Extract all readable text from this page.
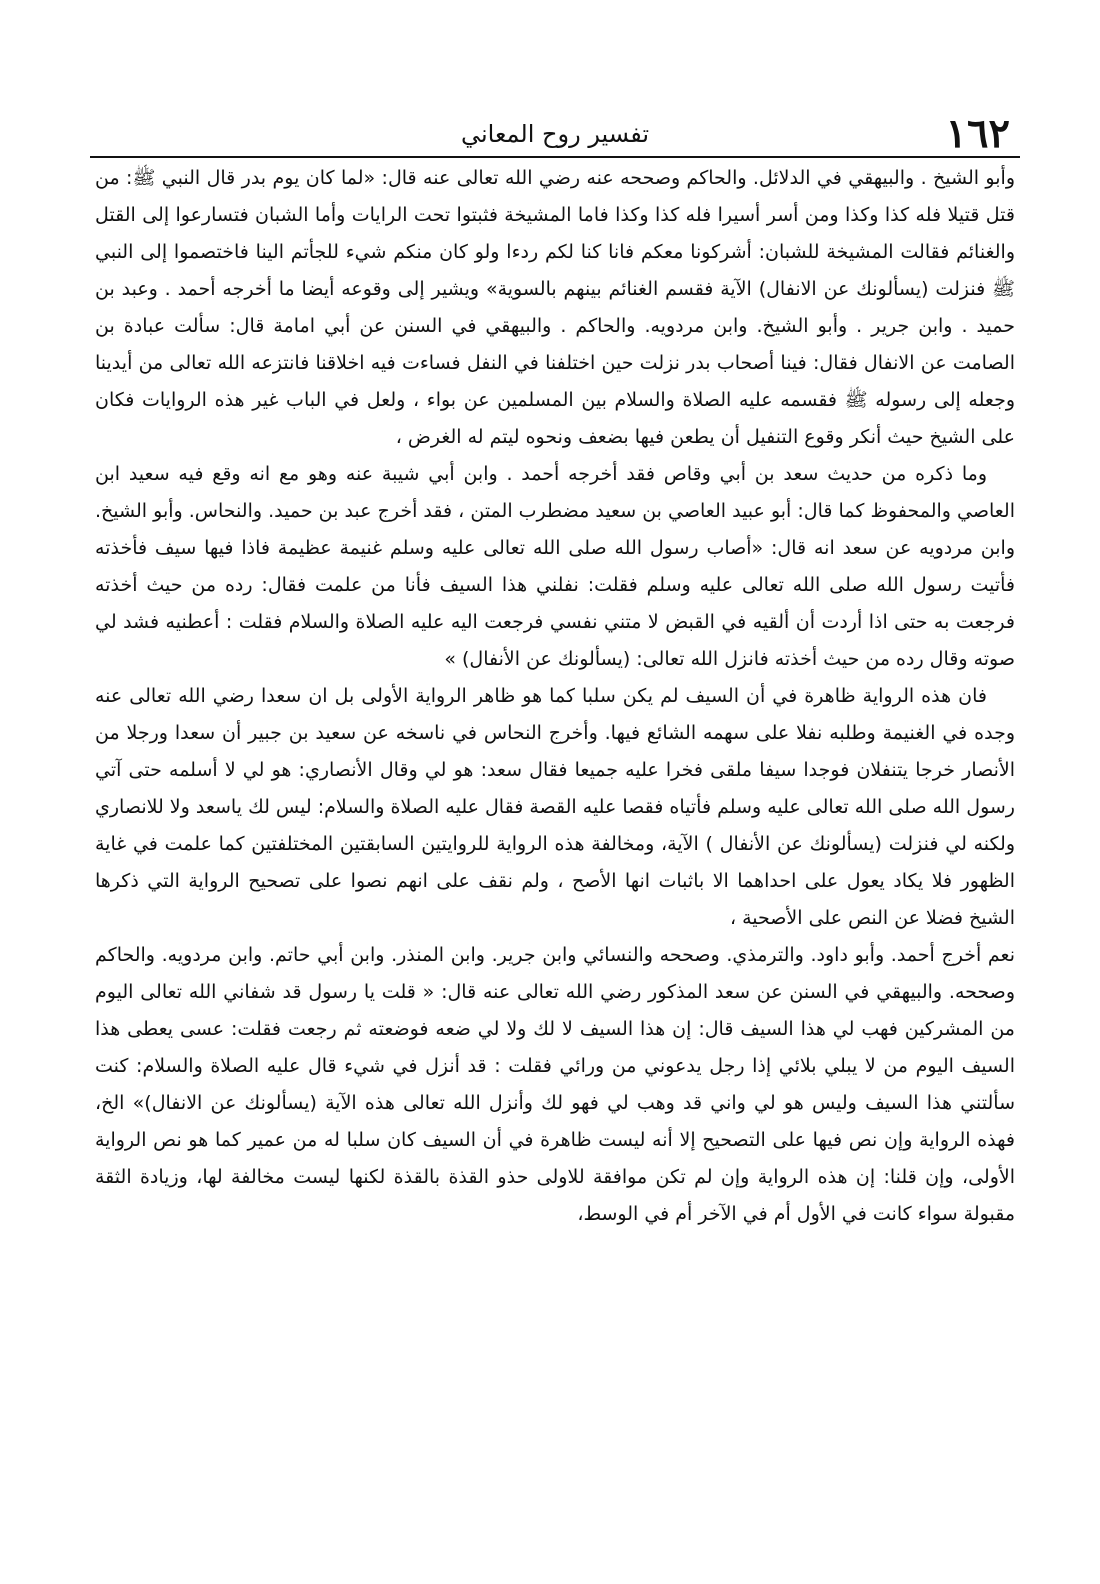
١٦٢
تفسير روح المعاني

وأبو الشيخ . والبيهقي في الدلائل. والحاكم وصححه عنه رضي الله تعالى عنه قال: «لما كان يوم بدر قال النبي ﷺ: من قتل قتيلا فله كذا وكذا ومن أسر أسيرا فله كذا وكذا فاما المشيخة فثبتوا تحت الرايات وأما الشبان فتسارعوا إلى القتل والغنائم فقالت المشيخة للشبان: أشركونا معكم فانا كنا لكم ردءا ولو كان منكم شيء للجأتم الينا فاختصموا إلى النبي ﷺ فنزلت (يسألونك عن الانفال) الآية فقسم الغنائم بينهم بالسوية» ويشير إلى وقوعه أيضا ما أخرجه أحمد . وعبد بن حميد . وابن جرير . وأبو الشيخ. وابن مردويه. والحاكم . والبيهقي في السنن عن أبي امامة قال: سألت عبادة بن الصامت عن الانفال فقال: فينا أصحاب بدر نزلت حين اختلفنا في النفل فساءت فيه اخلاقنا فانتزعه الله تعالى من أيدينا وجعله إلى رسوله ﷺ فقسمه عليه الصلاة والسلام بين المسلمين عن بواء ، ولعل في الباب غير هذه الروايات فكان على الشيخ حيث أنكر وقوع التنفيل أن يطعن فيها بضعف ونحوه ليتم له الغرض ،

وما ذكره من حديث سعد بن أبي وقاص فقد أخرجه أحمد . وابن أبي شيبة عنه وهو مع انه وقع فيه سعيد ابن العاصي والمحفوظ كما قال: أبو عبيد العاصي بن سعيد مضطرب المتن ، فقد أخرج عبد بن حميد. والنحاس. وأبو الشيخ. وابن مردويه عن سعد انه قال: «أصاب رسول الله صلى الله تعالى عليه وسلم غنيمة عظيمة فاذا فيها سيف فأخذته فأتيت رسول الله صلى الله تعالى عليه وسلم فقلت: نفلني هذا السيف فأنا من علمت فقال: رده من حيث أخذته فرجعت به حتى اذا أردت أن ألقيه في القبض لا متني نفسي فرجعت اليه عليه الصلاة والسلام فقلت : أعطنيه فشد لي صوته وقال رده من حيث أخذته فانزل الله تعالى: (يسألونك عن الأنفال) »

فان هذه الرواية ظاهرة في أن السيف لم يكن سلبا كما هو ظاهر الرواية الأولى بل ان سعدا رضي الله تعالى عنه وجده في الغنيمة وطلبه نفلا على سهمه الشائع فيها. وأخرج النحاس في ناسخه عن سعيد بن جبير أن سعدا ورجلا من الأنصار خرجا يتنفلان فوجدا سيفا ملقى فخرا عليه جميعا فقال سعد: هو لي وقال الأنصاري: هو لي لا أسلمه حتى آتي رسول الله صلى الله تعالى عليه وسلم فأتياه فقصا عليه القصة فقال عليه الصلاة والسلام: ليس لك ياسعد ولا للانصاري ولكنه لي فنزلت (يسألونك عن الأنفال ) الآية، ومخالفة هذه الرواية للروايتين السابقتين المختلفتين كما علمت في غاية الظهور فلا يكاد يعول على احداهما الا باثبات انها الأصح ، ولم نقف على انهم نصوا على تصحيح الرواية التي ذكرها الشيخ فضلا عن النص على الأصحية ،

نعم أخرج أحمد. وأبو داود. والترمذي. وصححه والنسائي وابن جرير. وابن المنذر. وابن أبي حاتم. وابن مردويه. والحاكم وصححه. والبيهقي في السنن عن سعد المذكور رضي الله تعالى عنه قال: « قلت يا رسول قد شفاني الله تعالى اليوم من المشركين فهب لي هذا السيف قال: إن هذا السيف لا لك ولا لي ضعه فوضعته ثم رجعت فقلت: عسى يعطى هذا السيف اليوم من لا يبلي بلائي إذا رجل يدعوني من ورائي فقلت : قد أنزل في شيء قال عليه الصلاة والسلام: كنت سألتني هذا السيف وليس هو لي واني قد وهب لي فهو لك وأنزل الله تعالى هذه الآية (يسألونك عن الانفال)» الخ، فهذه الرواية وإن نص فيها على التصحيح إلا أنه ليست ظاهرة في أن السيف كان سلبا له من عمير كما هو نص الرواية الأولى، وإن قلنا: إن هذه الرواية وإن لم تكن موافقة للاولى حذو القذة بالقذة لكنها ليست مخالفة لها، وزيادة الثقة مقبولة سواء كانت في الأول أم في الآخر أم في الوسط،
